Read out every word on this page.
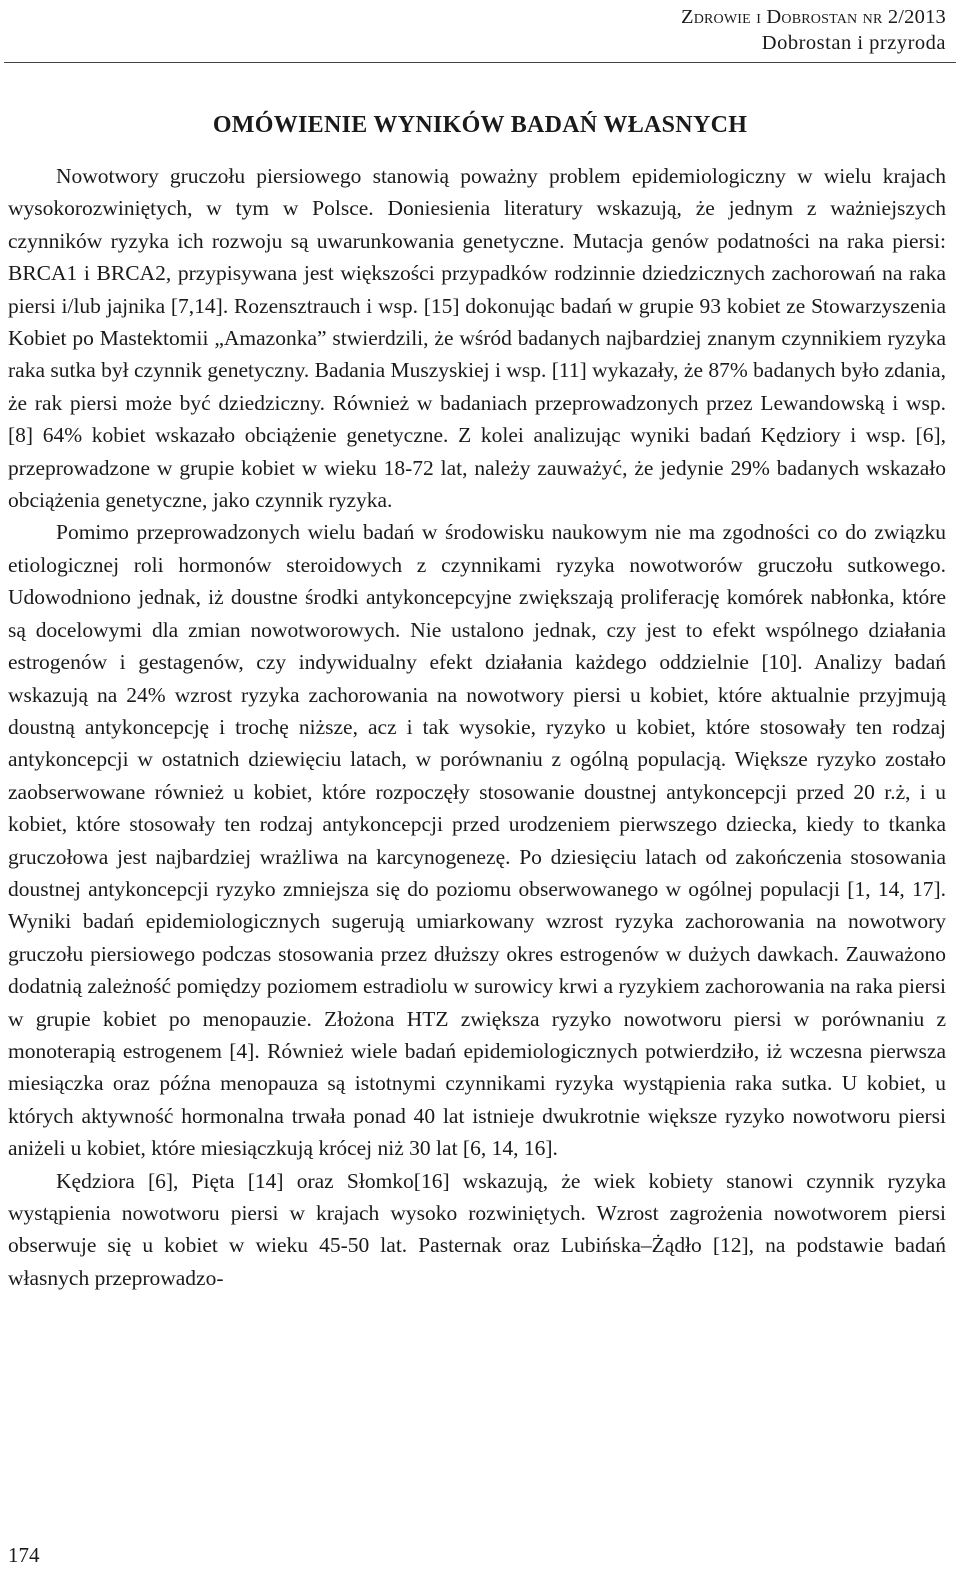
Zdrowie i Dobrostan nr 2/2013
Dobrostan i przyroda
OMÓWIENIE WYNIKÓW BADAŃ WŁASNYCH

Nowotwory gruczołu piersiowego stanowią poważny problem epidemiologiczny w wielu krajach wysokorozwiniętych, w tym w Polsce. Doniesienia literatury wskazują, że jednym z ważniejszych czynników ryzyka ich rozwoju są uwarunkowania genetyczne. Mutacja genów podatności na raka piersi: BRCA1 i BRCA2, przypisywana jest większości przypadków rodzinnie dziedzicznych zachorowań na raka piersi i/lub jajnika [7,14]. Rozensztrauch i wsp. [15] dokonując badań w grupie 93 kobiet ze Stowarzyszenia Kobiet po Mastektomii „Amazonka” stwierdzili, że wśród badanych najbardziej znanym czynnikiem ryzyka raka sutka był czynnik genetyczny. Badania Muszyskiej i wsp. [11] wykazały, że 87% badanych było zdania, że rak piersi może być dziedziczny. Również w badaniach przeprowadzonych przez Lewandowską i wsp. [8] 64% kobiet wskazało obciążenie genetyczne. Z kolei analizując wyniki badań Kędziory i wsp. [6], przeprowadzone w grupie kobiet w wieku 18-72 lat, należy zauważyć, że jedynie 29% badanych wskazało obciążenia genetyczne, jako czynnik ryzyka.

Pomimo przeprowadzonych wielu badań w środowisku naukowym nie ma zgodności co do związku etiologicznej roli hormonów steroidowych z czynnikami ryzyka nowotworów gruczołu sutkowego. Udowodniono jednak, iż doustne środki antykoncepcyjne zwiększają proliferację komórek nabłonka, które są docelowymi dla zmian nowotworowych. Nie ustalono jednak, czy jest to efekt wspólnego działania estrogenów i gestagenów, czy indywidualny efekt działania każdego oddzielnie [10]. Analizy badań wskazują na 24% wzrost ryzyka zachorowania na nowotwory piersi u kobiet, które aktualnie przyjmują doustną antykoncepcję i trochę niższe, acz i tak wysokie, ryzyko u kobiet, które stosowały ten rodzaj antykoncepcji w ostatnich dziewięciu latach, w porównaniu z ogólną populacją. Większe ryzyko zostało zaobserwowane również u kobiet, które rozpoczęły stosowanie doustnej antykoncepcji przed 20 r.ż, i u kobiet, które stosowały ten rodzaj antykoncepcji przed urodzeniem pierwszego dziecka, kiedy to tkanka gruczołowa jest najbardziej wrażliwa na karcynogenezę. Po dziesięciu latach od zakończenia stosowania doustnej antykoncepcji ryzyko zmniejsza się do poziomu obserwowanego w ogólnej populacji [1, 14, 17]. Wyniki badań epidemiologicznych sugerują umiarkowany wzrost ryzyka zachorowania na nowotwory gruczołu piersiowego podczas stosowania przez dłuższy okres estrogenów w dużych dawkach. Zauważono dodatnią zależność pomiędzy poziomem estradiolu w surowicy krwi a ryzykiem zachorowania na raka piersi w grupie kobiet po menopauzie. Złożona HTZ zwiększa ryzyko nowotworu piersi w porównaniu z monoterapią estrogenem [4]. Również wiele badań epidemiologicznych potwierdziło, iż wczesna pierwsza miesiączka oraz późna menopauza są istotnymi czynnikami ryzyka wystąpienia raka sutka. U kobiet, u których aktywność hormonalna trwała ponad 40 lat istnieje dwukrotnie większe ryzyko nowotworu piersi aniżeli u kobiet, które miesiączkują krócej niż 30 lat [6, 14, 16].

Kędziora [6], Pięta [14] oraz Słomko[16] wskazują, że wiek kobiety stanowi czynnik ryzyka wystąpienia nowotworu piersi w krajach wysoko rozwiniętych. Wzrost zagrożenia nowotworem piersi obserwuje się u kobiet w wieku 45-50 lat. Pasternak oraz Lubińska–Żądło [12], na podstawie badań własnych przeprowadzo-

174
